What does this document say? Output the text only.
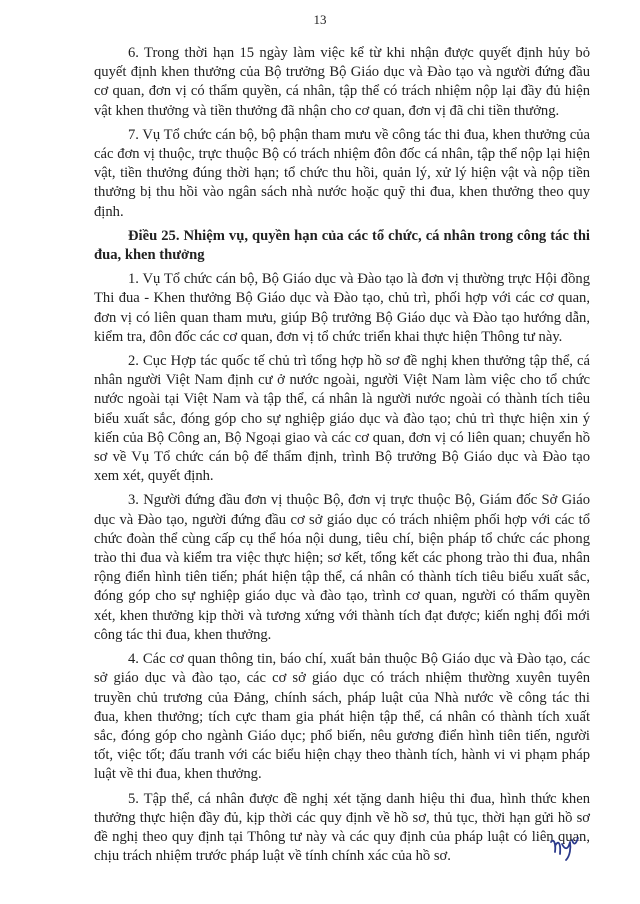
13

6. Trong thời hạn 15 ngày làm việc kể từ khi nhận được quyết định hủy bỏ quyết định khen thưởng của Bộ trưởng Bộ Giáo dục và Đào tạo và người đứng đầu cơ quan, đơn vị có thẩm quyền, cá nhân, tập thể có trách nhiệm nộp lại đầy đủ hiện vật khen thưởng và tiền thưởng đã nhận cho cơ quan, đơn vị đã chi tiền thưởng.

7. Vụ Tổ chức cán bộ, bộ phận tham mưu về công tác thi đua, khen thưởng của các đơn vị thuộc, trực thuộc Bộ có trách nhiệm đôn đốc cá nhân, tập thể nộp lại hiện vật, tiền thưởng đúng thời hạn; tổ chức thu hồi, quản lý, xử lý hiện vật và nộp tiền thưởng bị thu hồi vào ngân sách nhà nước hoặc quỹ thi đua, khen thưởng theo quy định.

Điều 25. Nhiệm vụ, quyền hạn của các tổ chức, cá nhân trong công tác thi đua, khen thưởng

1. Vụ Tổ chức cán bộ, Bộ Giáo dục và Đào tạo là đơn vị thường trực Hội đồng Thi đua - Khen thưởng Bộ Giáo dục và Đào tạo, chủ trì, phối hợp với các cơ quan, đơn vị có liên quan tham mưu, giúp Bộ trưởng Bộ Giáo dục và Đào tạo hướng dẫn, kiểm tra, đôn đốc các cơ quan, đơn vị tổ chức triển khai thực hiện Thông tư này.

2. Cục Hợp tác quốc tế chủ trì tổng hợp hồ sơ đề nghị khen thưởng tập thể, cá nhân người Việt Nam định cư ở nước ngoài, người Việt Nam làm việc cho tổ chức nước ngoài tại Việt Nam và tập thể, cá nhân là người nước ngoài có thành tích tiêu biểu xuất sắc, đóng góp cho sự nghiệp giáo dục và đào tạo; chủ trì thực hiện xin ý kiến của Bộ Công an, Bộ Ngoại giao và các cơ quan, đơn vị có liên quan; chuyển hồ sơ về Vụ Tổ chức cán bộ để thẩm định, trình Bộ trưởng Bộ Giáo dục và Đào tạo xem xét, quyết định.

3. Người đứng đầu đơn vị thuộc Bộ, đơn vị trực thuộc Bộ, Giám đốc Sở Giáo dục và Đào tạo, người đứng đầu cơ sở giáo dục có trách nhiệm phối hợp với các tổ chức đoàn thể cùng cấp cụ thể hóa nội dung, tiêu chí, biện pháp tổ chức các phong trào thi đua và kiểm tra việc thực hiện; sơ kết, tổng kết các phong trào thi đua, nhân rộng điển hình tiên tiến; phát hiện tập thể, cá nhân có thành tích tiêu biểu xuất sắc, đóng góp cho sự nghiệp giáo dục và đào tạo, trình cơ quan, người có thẩm quyền xét, khen thưởng kịp thời và tương xứng với thành tích đạt được; kiến nghị đổi mới công tác thi đua, khen thưởng.

4. Các cơ quan thông tin, báo chí, xuất bản thuộc Bộ Giáo dục và Đào tạo, các sở giáo dục và đào tạo, các cơ sở giáo dục có trách nhiệm thường xuyên tuyên truyền chủ trương của Đảng, chính sách, pháp luật của Nhà nước về công tác thi đua, khen thưởng; tích cực tham gia phát hiện tập thể, cá nhân có thành tích xuất sắc, đóng góp cho ngành Giáo dục; phổ biến, nêu gương điển hình tiên tiến, người tốt, việc tốt; đấu tranh với các biểu hiện chạy theo thành tích, hành vi vi phạm pháp luật về thi đua, khen thưởng.

5. Tập thể, cá nhân được đề nghị xét tặng danh hiệu thi đua, hình thức khen thưởng thực hiện đầy đủ, kịp thời các quy định về hồ sơ, thủ tục, thời hạn gửi hồ sơ đề nghị theo quy định tại Thông tư này và các quy định của pháp luật có liên quan, chịu trách nhiệm trước pháp luật về tính chính xác của hồ sơ.
